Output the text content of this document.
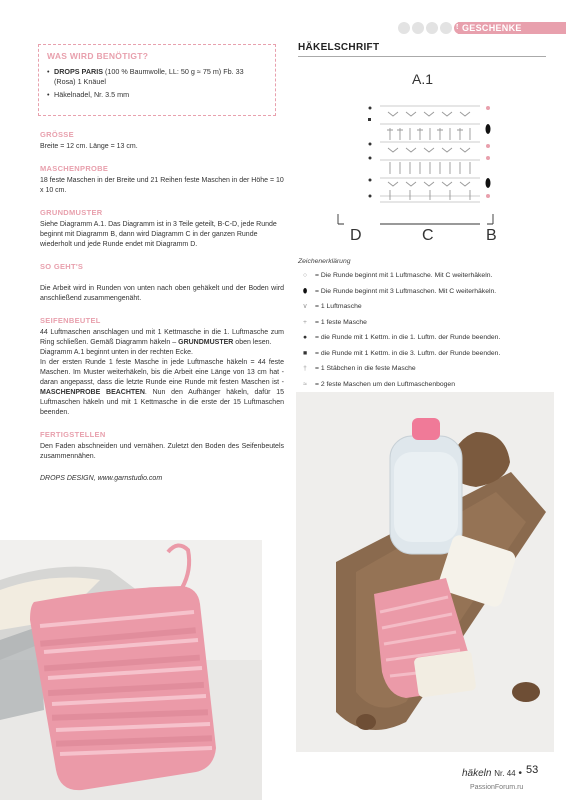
GESCHENKE
WAS WIRD BENÖTIGT?
• DROPS PARIS (100 % Baumwolle, LL: 50 g ≈ 75 m) Fb. 33 (Rosa) 1 Knäuel
• Häkelnadel, Nr. 3.5 mm
GRÖSSE

Breite = 12 cm. Länge = 13 cm.

MASCHENPROBE

18 feste Maschen in der Breite und 21 Reihen feste Maschen in der Höhe = 10 x 10 cm.

GRUNDMUSTER

Siehe Diagramm A.1. Das Diagramm ist in 3 Teile geteilt, B-C-D, jede Runde beginnt mit Diagramm B, dann wird Diagramm C in der ganzen Runde wiederholt und jede Runde endet mit Diagramm D.

SO GEHT'S

Die Arbeit wird in Runden von unten nach oben gehäkelt und der Boden wird anschließend zusammengenäht.

SEIFENBEUTEL

44 Luftmaschen anschlagen und mit 1 Kettmasche in die 1. Luftmasche zum Ring schließen. Gemäß Diagramm häkeln – GRUNDMUSTER oben lesen.

Diagramm A.1 beginnt unten in der rechten Ecke.

In der ersten Runde 1 feste Masche in jede Luftmasche häkeln = 44 feste Maschen. Im Muster weiterhäkeln, bis die Arbeit eine Länge von 13 cm hat - daran angepasst, dass die letzte Runde eine Runde mit festen Maschen ist - MASCHENPROBE BEACHTEN. Nun den Aufhänger häkeln, dafür 15 Luftmaschen häkeln und mit 1 Kettmasche in die erste der 15 Luftmaschen beenden.

FERTIGSTELLEN

Den Faden abschneiden und vernähen. Zuletzt den Boden des Seifenbeutels zusammennähen.

DROPS DESIGN, www.garnstudio.com

HÄKELSCHRIFT
A.1
D	C	B
Zeichenerklärung
○	= Die Runde beginnt mit 1 Luftmasche. Mit C weiterhäkeln.
⬮	= Die Runde beginnt mit 3 Luftmaschen. Mit C weiterhäkeln.
∨	= 1 Luftmasche
+	= 1 feste Masche
●	= die Runde mit 1 Kettm. in die 1. Luftm. der Runde beenden.
■	= die Runde mit 1 Kettm. in die 3. Luftm. der Runde beenden.
†	= 1 Stäbchen in die feste Masche
≈	= 2 feste Maschen um den Luftmaschenbogen
häkeln Nr. 44 • 53
PassionForum.ru
